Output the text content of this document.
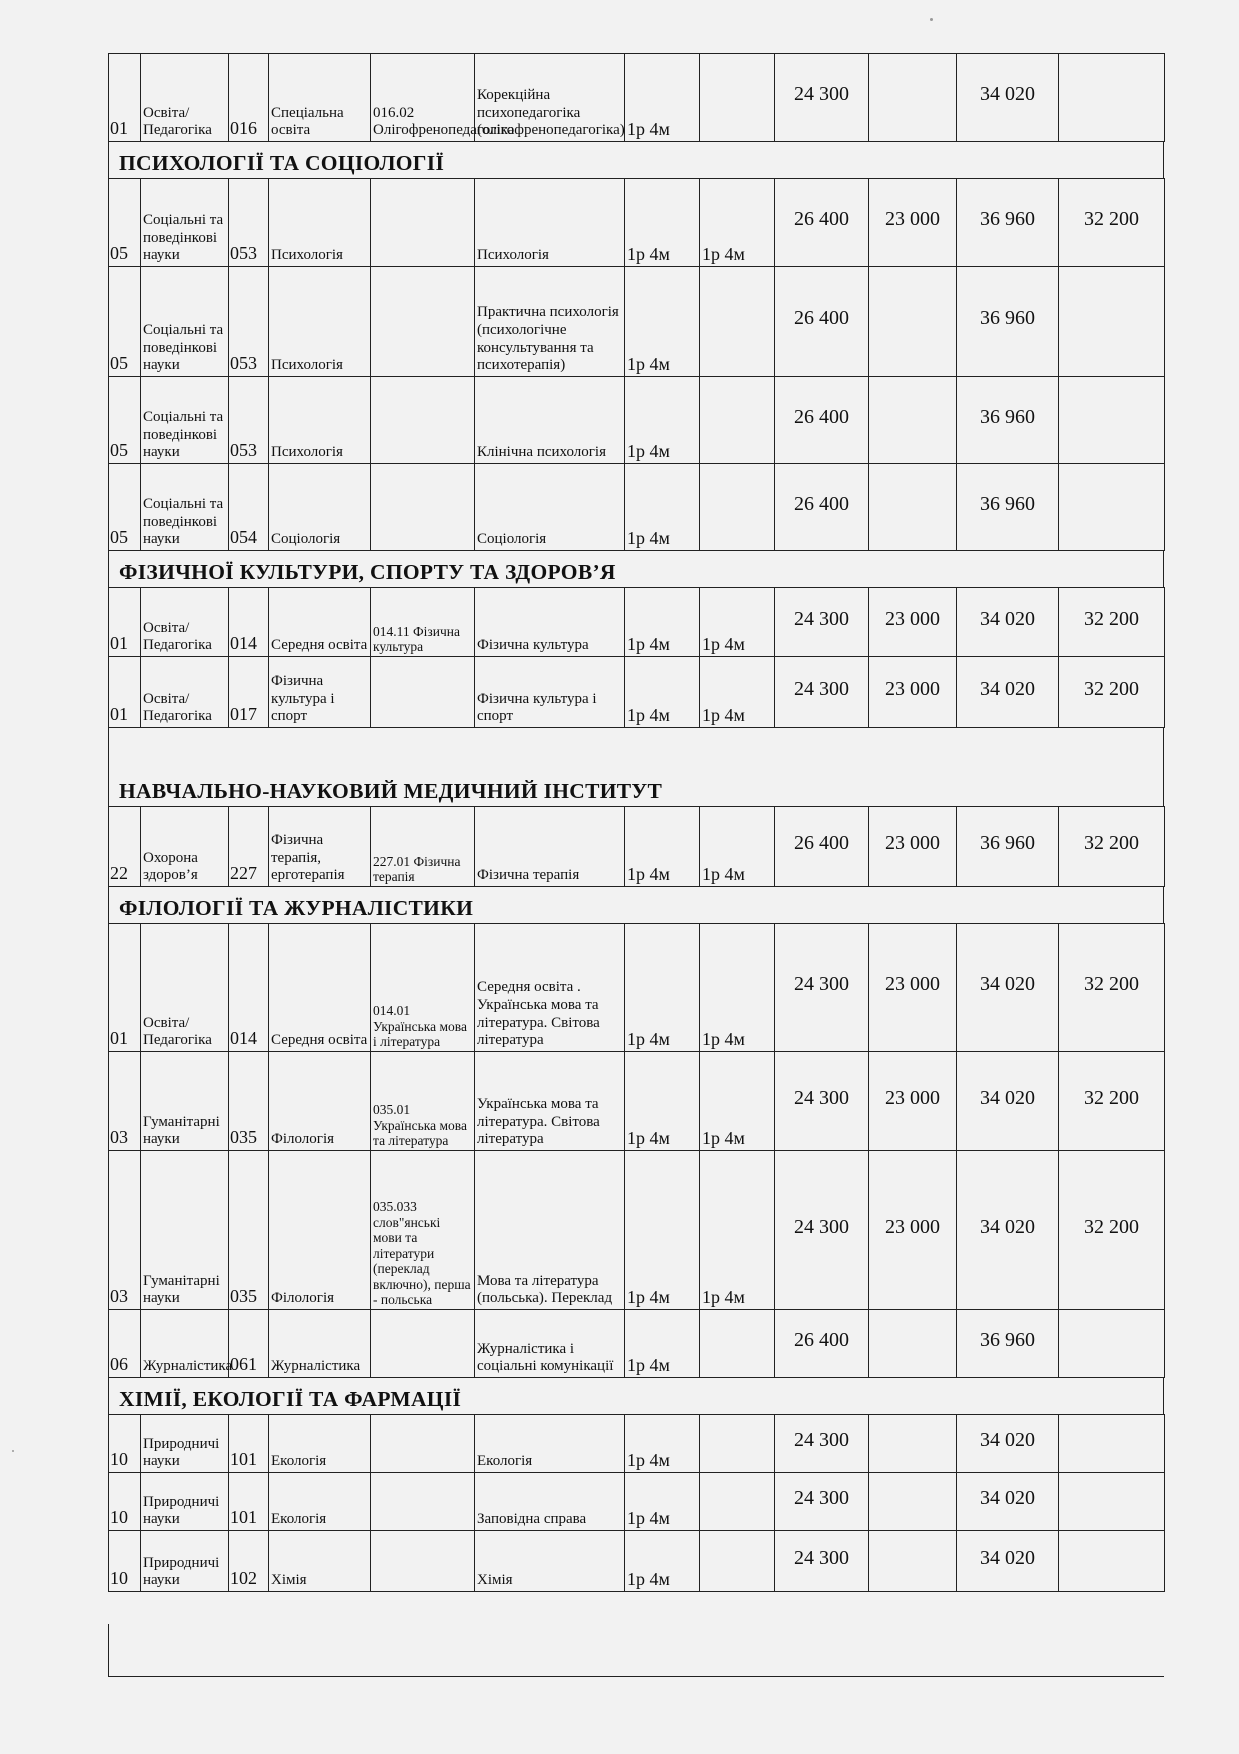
01	Освіта/ Педагогіка	016	Спеціальна освіта	016.02 Олігофренопедагогіка	Корекційна психопедагогіка (олігофренопедагогіка)	1р 4м		24 300		34 020	
ПСИХОЛОГІЇ ТА СОЦІОЛОГІЇ
05	Соціальні та поведінкові науки	053	Психологія		Психологія	1р 4м	1р 4м	26 400	23 000	36 960	32 200
05	Соціальні та поведінкові науки	053	Психологія		Практична психологія (психологічне консультування та психотерапія)	1р 4м		26 400		36 960	
05	Соціальні та поведінкові науки	053	Психологія		Клінічна психологія	1р 4м		26 400		36 960	
05	Соціальні та поведінкові науки	054	Соціологія		Соціологія	1р 4м		26 400		36 960	
ФІЗИЧНОЇ КУЛЬТУРИ, СПОРТУ ТА ЗДОРОВ’Я
01	Освіта/ Педагогіка	014	Середня освіта	014.11 Фізична культура	Фізична культура	1р 4м	1р 4м	24 300	23 000	34 020	32 200
01	Освіта/ Педагогіка	017	Фізична культура і спорт		Фізична культура і спорт	1р 4м	1р 4м	24 300	23 000	34 020	32 200
НАВЧАЛЬНО-НАУКОВИЙ МЕДИЧНИЙ ІНСТИТУТ
22	Охорона здоров’я	227	Фізична терапія, ерготерапія	227.01 Фізична терапія	Фізична терапія	1р 4м	1р 4м	26 400	23 000	36 960	32 200
ФІЛОЛОГІЇ ТА ЖУРНАЛІСТИКИ
01	Освіта/ Педагогіка	014	Середня освіта	014.01 Українська мова і література	Середня освіта . Українська мова та література. Світова література	1р 4м	1р 4м	24 300	23 000	34 020	32 200
03	Гуманітарні науки	035	Філологія	035.01 Українська мова та література	Українська мова та література. Світова література	1р 4м	1р 4м	24 300	23 000	34 020	32 200
03	Гуманітарні науки	035	Філологія	035.033 слов"янські мови та літератури (переклад включно), перша - польська	Мова та література (польська). Переклад	1р 4м	1р 4м	24 300	23 000	34 020	32 200
06	Журналістика	061	Журналістика		Журналістика і соціальні комунікації	1р 4м		26 400		36 960	
ХІМІЇ, ЕКОЛОГІЇ ТА ФАРМАЦІЇ
10	Природничі науки	101	Екологія		Екологія	1р 4м		24 300		34 020	
10	Природничі науки	101	Екологія		Заповідна справа	1р 4м		24 300		34 020	
10	Природничі науки	102	Хімія		Хімія	1р 4м		24 300		34 020	
